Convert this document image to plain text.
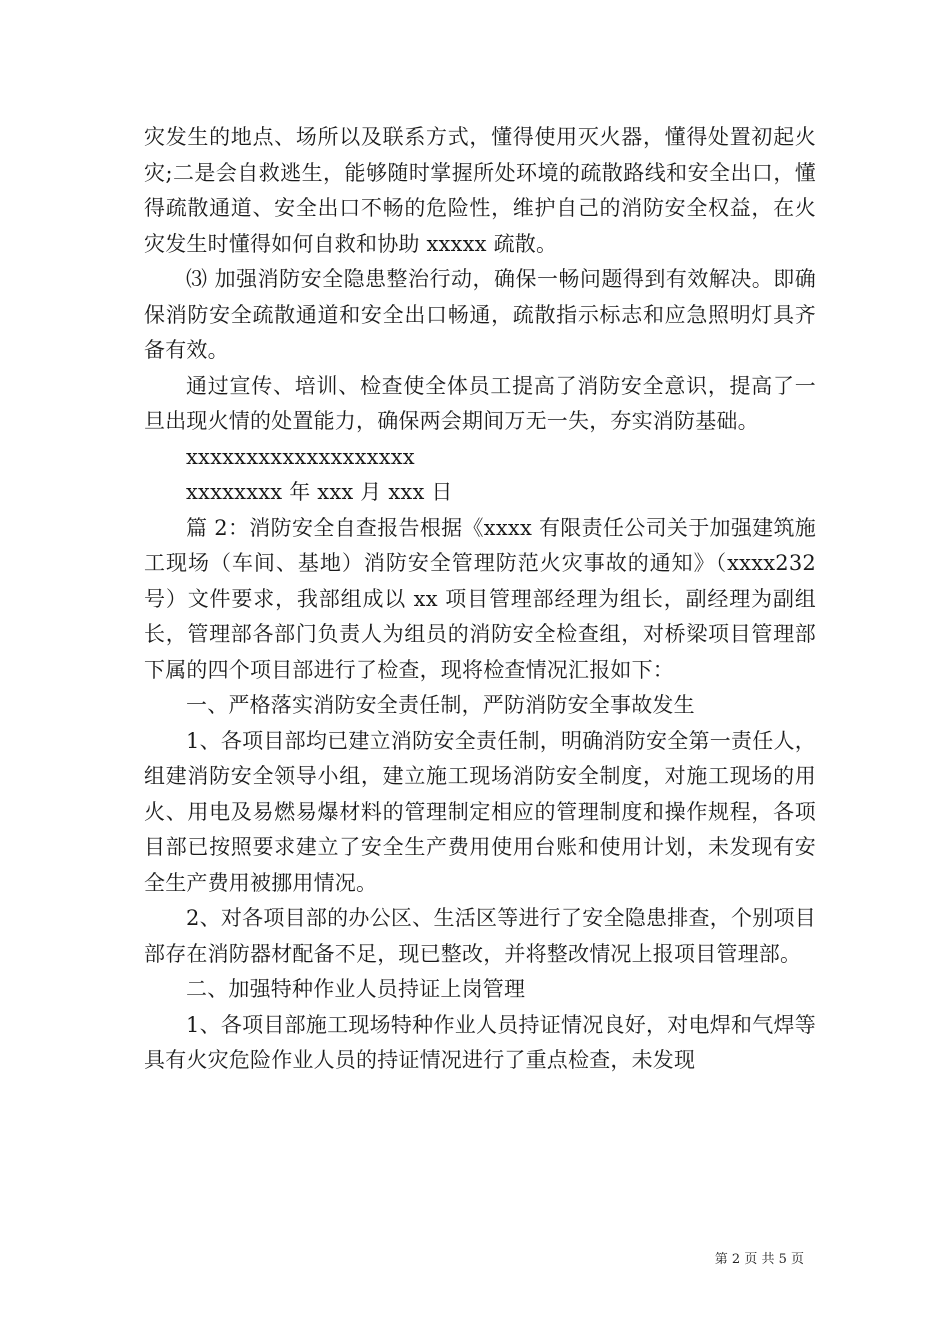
灾发生的地点、场所以及联系方式，懂得使用灭火器，懂得处置初起火灾;二是会自救逃生，能够随时掌握所处环境的疏散路线和安全出口，懂得疏散通道、安全出口不畅的危险性，维护自己的消防安全权益，在火灾发生时懂得如何自救和协助 xxxxx 疏散。

⑶ 加强消防安全隐患整治行动，确保一畅问题得到有效解决。即确保消防安全疏散通道和安全出口畅通，疏散指示标志和应急照明灯具齐备有效。

通过宣传、培训、检查使全体员工提高了消防安全意识，提高了一旦出现火情的处置能力，确保两会期间万无一失，夯实消防基础。

xxxxxxxxxxxxxxxxxxx

xxxxxxxx 年 xxx 月 xxx 日

篇 2：消防安全自查报告根据《xxxx 有限责任公司关于加强建筑施工现场（车间、基地）消防安全管理防范火灾事故的通知》（xxxx232 号）文件要求，我部组成以 xx 项目管理部经理为组长，副经理为副组长，管理部各部门负责人为组员的消防安全检查组，对桥梁项目管理部下属的四个项目部进行了检查，现将检查情况汇报如下：

一、严格落实消防安全责任制，严防消防安全事故发生

1、各项目部均已建立消防安全责任制，明确消防安全第一责任人，组建消防安全领导小组，建立施工现场消防安全制度，对施工现场的用火、用电及易燃易爆材料的管理制定相应的管理制度和操作规程，各项目部已按照要求建立了安全生产费用使用台账和使用计划，未发现有安全生产费用被挪用情况。

2、对各项目部的办公区、生活区等进行了安全隐患排查，个别项目部存在消防器材配备不足，现已整改，并将整改情况上报项目管理部。

二、加强特种作业人员持证上岗管理

1、各项目部施工现场特种作业人员持证情况良好，对电焊和气焊等具有火灾危险作业人员的持证情况进行了重点检查，未发现

第 2 页 共 5 页
